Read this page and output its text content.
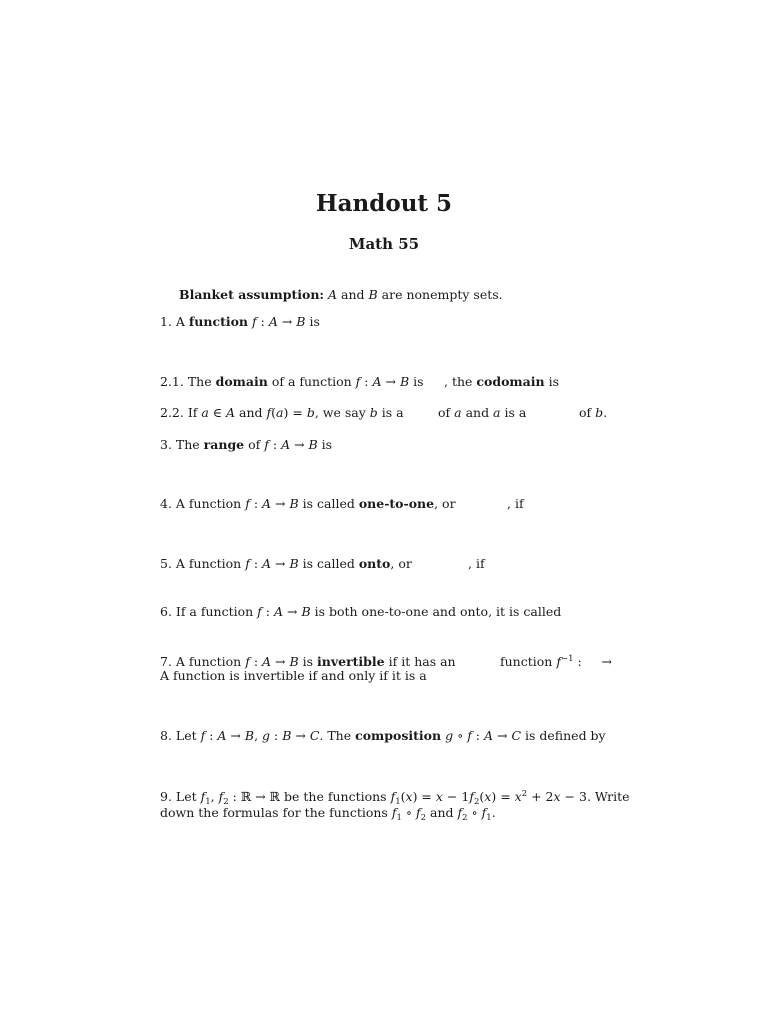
Handout 5
Math 55
Blanket assumption: A and B are nonempty sets.
1. A function f : A → B is
2.1. The domain of a function f : A → B is , the codomain is
2.2. If a ∈ A and f(a) = b, we say b is a	of a and a is a	of b.
3. The range of f : A → B is
4. A function f : A → B is called one-to-one, or	, if
5. A function f : A → B is called onto, or	, if
6. If a function f : A → B is both one-to-one and onto, it is called
7. A function f : A → B is invertible if it has an	function $f^{-1}$ :     →
A function is invertible if and only if it is a
8. Let f : A → B, g : B → C. The composition g ∘ f : A → C is defined by
9. Let $f_1$, $f_2$ : ℝ → ℝ be the functions $f_1(x) = x - 1f_2(x) = x^2 + 2x - 3$. Write
down the formulas for the functions $f_1$ ∘ $f_2$ and $f_2$ ∘ $f_1$.
